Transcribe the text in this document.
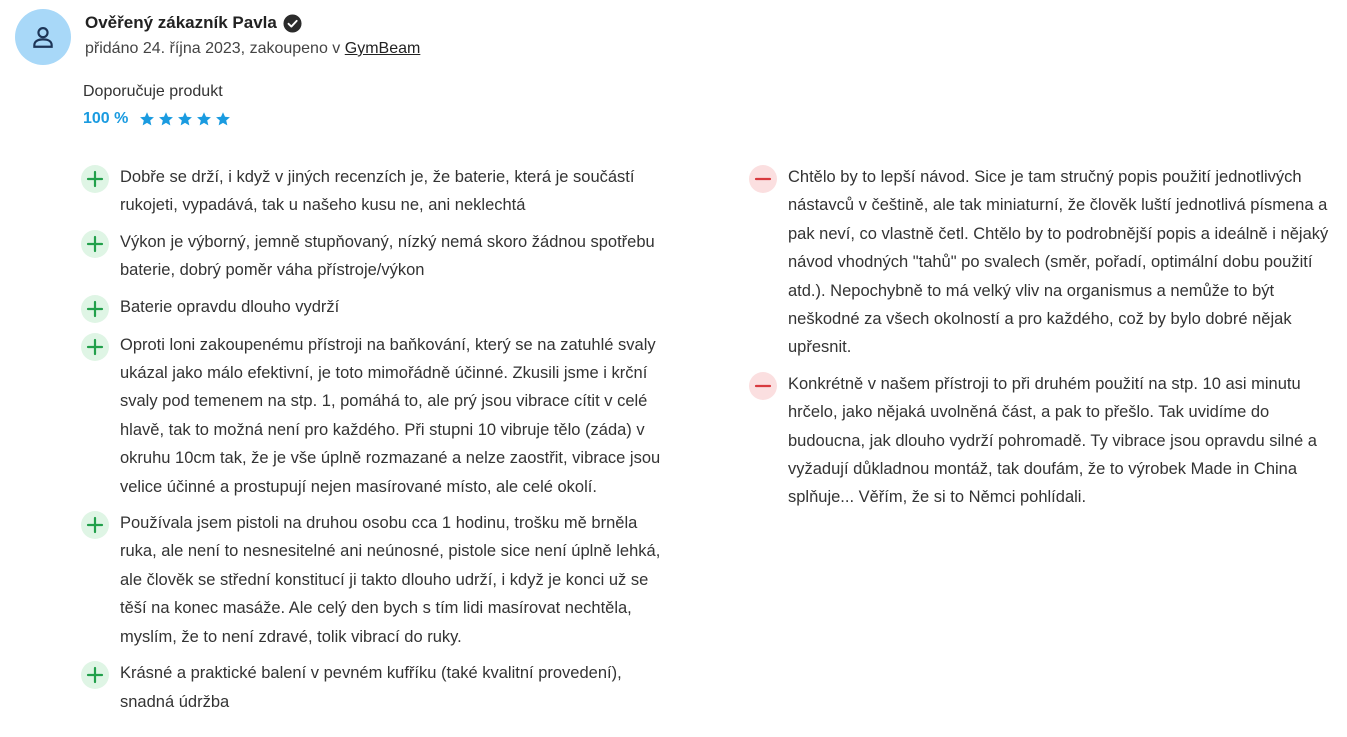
Ověřený zákazník Pavla
přidáno 24. října 2023, zakoupeno v GymBeam
Doporučuje produkt
100 %
Dobře se drží, i když v jiných recenzích je, že baterie, která je součástí rukojeti, vypadává, tak u našeho kusu ne, ani neklechtá
Výkon je výborný, jemně stupňovaný, nízký nemá skoro žádnou spotřebu baterie, dobrý poměr váha přístroje/výkon
Baterie opravdu dlouho vydrží
Oproti loni zakoupenému přístroji na baňkování, který se na zatuhlé svaly ukázal jako málo efektivní, je toto mimořádně účinné. Zkusili jsme i krční svaly pod temenem na stp. 1, pomáhá to, ale prý jsou vibrace cítit v celé hlavě, tak to možná není pro každého. Při stupni 10 vibruje tělo (záda) v okruhu 10cm tak, že je vše úplně rozmazané a nelze zaostřit, vibrace jsou velice účinné a prostupují nejen masírované místo, ale celé okolí.
Používala jsem pistoli na druhou osobu cca 1 hodinu, trošku mě brněla ruka, ale není to nesnesitelné ani neúnosné, pistole sice není úplně lehká, ale člověk se střední konstitucí ji takto dlouho udrží, i když je konci už se těší na konec masáže. Ale celý den bych s tím lidi masírovat nechtěla, myslím, že to není zdravé, tolik vibrací do ruky.
Krásné a praktické balení v pevném kufříku (také kvalitní provedení), snadná údržba
Chtělo by to lepší návod. Sice je tam stručný popis použití jednotlivých nástavců v češtině, ale tak miniaturní, že člověk luští jednotlivá písmena a pak neví, co vlastně četl. Chtělo by to podrobnější popis a ideálně i nějaký návod vhodných "tahů" po svalech (směr, pořadí, optimální dobu použití atd.). Nepochybně to má velký vliv na organismus a nemůže to být neškodné za všech okolností a pro každého, což by bylo dobré nějak upřesnit.
Konkrétně v našem přístroji to při druhém použití na stp. 10 asi minutu hrčelo, jako nějaká uvolněná část, a pak to přešlo. Tak uvidíme do budoucna, jak dlouho vydrží pohromadě. Ty vibrace jsou opravdu silné a vyžadují důkladnou montáž, tak doufám, že to výrobek Made in China splňuje... Věřím, že si to Němci pohlídali.
